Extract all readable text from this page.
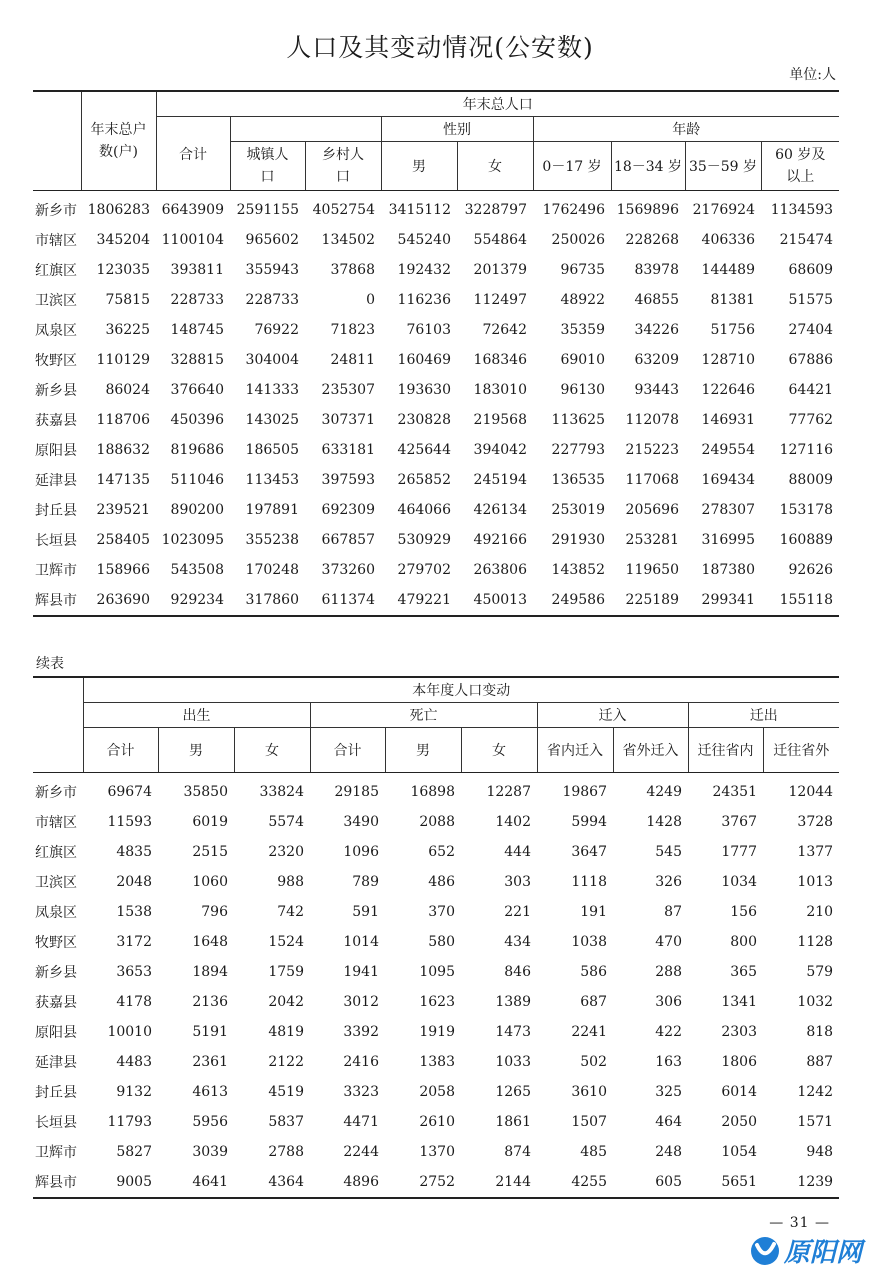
人口及其变动情况(公安数)
单位:人
	年末总户数(户)	年末总人口								
		合计			性别		年龄			
			城镇人口	乡村人口	男	女	0－17 岁	18－34 岁	35－59 岁	60 岁及以上
新乡市	1806283	6643909	2591155	4052754	3415112	3228797	1762496	1569896	2176924	1134593
市辖区	345204	1100104	965602	134502	545240	554864	250026	228268	406336	215474
红旗区	123035	393811	355943	37868	192432	201379	96735	83978	144489	68609
卫滨区	75815	228733	228733	0	116236	112497	48922	46855	81381	51575
凤泉区	36225	148745	76922	71823	76103	72642	35359	34226	51756	27404
牧野区	110129	328815	304004	24811	160469	168346	69010	63209	128710	67886
新乡县	86024	376640	141333	235307	193630	183010	96130	93443	122646	64421
获嘉县	118706	450396	143025	307371	230828	219568	113625	112078	146931	77762
原阳县	188632	819686	186505	633181	425644	394042	227793	215223	249554	127116
延津县	147135	511046	113453	397593	265852	245194	136535	117068	169434	88009
封丘县	239521	890200	197891	692309	464066	426134	253019	205696	278307	153178
长垣县	258405	1023095	355238	667857	530929	492166	291930	253281	316995	160889
卫辉市	158966	543508	170248	373260	279702	263806	143852	119650	187380	92626
辉县市	263690	929234	317860	611374	479221	450013	249586	225189	299341	155118
续表
	本年度人口变动									
	出生			死亡			迁入		迁出	
	合计	男	女	合计	男	女	省内迁入	省外迁入	迁往省内	迁往省外
新乡市	69674	35850	33824	29185	16898	12287	19867	4249	24351	12044
市辖区	11593	6019	5574	3490	2088	1402	5994	1428	3767	3728
红旗区	4835	2515	2320	1096	652	444	3647	545	1777	1377
卫滨区	2048	1060	988	789	486	303	1118	326	1034	1013
凤泉区	1538	796	742	591	370	221	191	87	156	210
牧野区	3172	1648	1524	1014	580	434	1038	470	800	1128
新乡县	3653	1894	1759	1941	1095	846	586	288	365	579
获嘉县	4178	2136	2042	3012	1623	1389	687	306	1341	1032
原阳县	10010	5191	4819	3392	1919	1473	2241	422	2303	818
延津县	4483	2361	2122	2416	1383	1033	502	163	1806	887
封丘县	9132	4613	4519	3323	2058	1265	3610	325	6014	1242
长垣县	11793	5956	5837	4471	2610	1861	1507	464	2050	1571
卫辉市	5827	3039	2788	2244	1370	874	485	248	1054	948
辉县市	9005	4641	4364	4896	2752	2144	4255	605	5651	1239
— 31 —
原阳网
